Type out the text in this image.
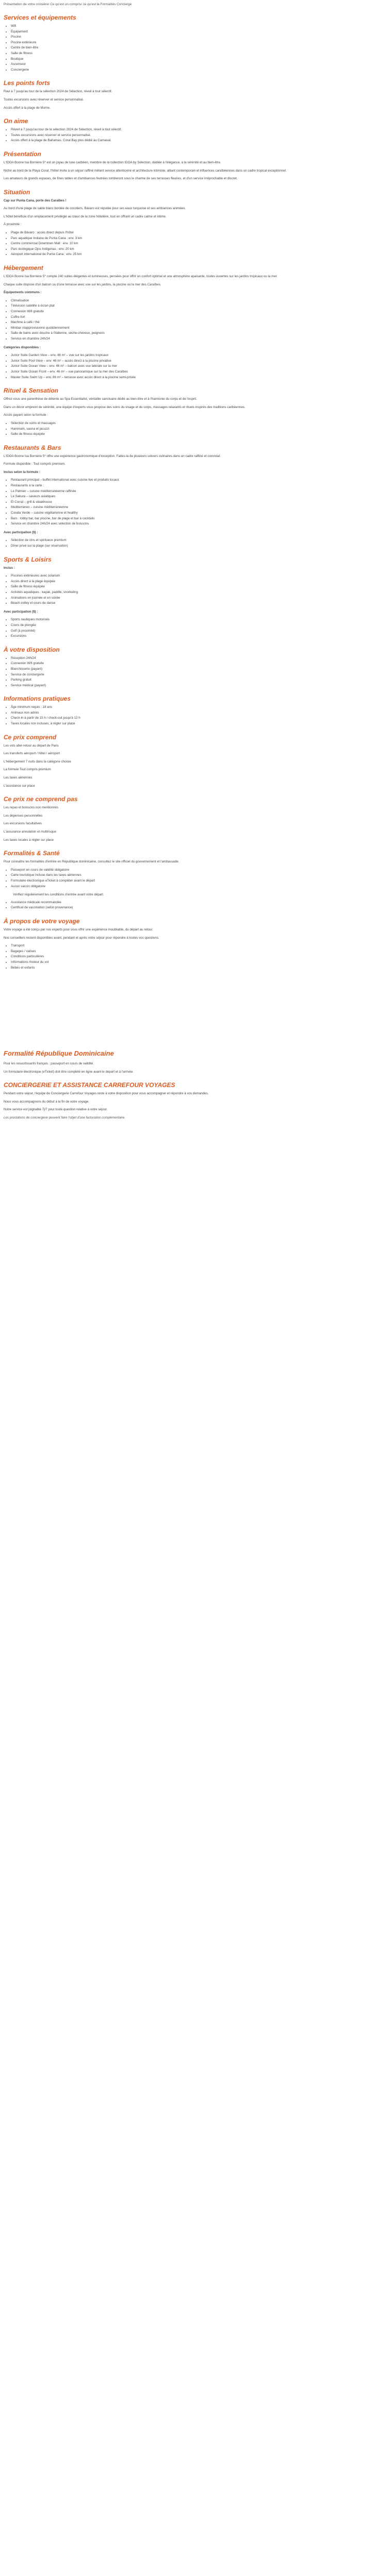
Présentation de votre croisière/ Ce qu'est un compris/ ce qu'est la Formalités Concierge
Services et équipements
• Wifi
• Équipement
• Piscine
• Piscine extérieure
• Centre de bien-être
• Salle de fitness
• Boutique
• Ascenseur
• Conciergerie
Les points forts

Ravi à 7 jusqu'au tour de la sélection 2024 de Sélection, réveil à tout sélectif.

Toutes excursions avec réserver et service personnalisé.

Accès offert à la plage de Morne.

On aime
• Réveil à 7 jusqu'au tour de la sélection 2024 de Sélection, réveil à tout sélectif.
• Toutes excursions avec réserver et service personnalisé.
• Accès offert à la plage de Bahamas. Coral Bay plus dédié au Carnaval.
Présentation

L'IDOA Bonne Isa Bornière 5* est un joyau de luxe caribéen, membre de la collection IDOA by Sélection, dédiée à l'élégance, à la sérénité et au bien-être.

Niché au bord de la Playa Coral, l'hôtel invite à un séjour raffiné mêlant service attentionné et architecture intimiste, alliant contemporain et influences caraïbéennes dans un cadre tropical exceptionnel.

Les amateurs de grands espaces, de fines tables et d'ambiances feutrées tomberont sous le charme de ses terrasses fleuries, et d'un service irréprochable et discret.

Situation

Cap sur Punta Cana, porte des Caraïbes !

Au bord d'une plage de sable blanc bordée de cocotiers, Bávaro est réputée pour ses eaux turquoise et ses ambiances animées.

L'hôtel bénéficie d'un emplacement privilégié au cœur de la zone hôtelière, tout en offrant un cadre calme et intime.

À proximité :

• Plage de Bávaro : accès direct depuis l'hôtel
• Parc aquatique Indiana de Punta Cana : env. 3 km
• Centre commercial Downtown Mall : env. 10 km
• Parc écologique Ojos Indígenas : env. 20 km
• Aéroport international de Punta Cana : env. 25 km
Hébergement

L'IDOA Bonne Isa Bornière 5* compte 240 suites élégantes et lumineuses, pensées pour offrir un confort optimal et une atmosphère apaisante, toutes ouvertes sur les jardins tropicaux ou la mer.

Chaque suite dispose d'un balcon ou d'une terrasse avec vue sur les jardins, la piscine ou la mer des Caraïbes.

Équipements communs :

• Climatisation
• Télévision satellite à écran plat
• Connexion Wifi gratuite
• Coffre-fort
• Machine à café / thé
• Minibar réapprovisionné quotidiennement
• Salle de bains avec douche à l'italienne, sèche-cheveux, peignoirs
• Service en chambre 24h/24

Catégories disponibles :

• Junior Suite Garden View – env. 46 m² – vue sur les jardins tropicaux
• Junior Suite Pool View – env. 46 m² – accès direct à la piscine privative
• Junior Suite Ocean View – env. 46 m² – balcon avec vue latérale sur la mer
• Junior Suite Ocean Front – env. 46 m² – vue panoramique sur la mer des Caraïbes
• Master Suite Swim Up – env. 86 m² – terrasse avec accès direct à la piscine semi-privée
Rituel & Sensation

Offrez-vous une parenthèse de détente au Spa Essentialist, véritable sanctuaire dédié au bien-être et à l'harmonie du corps et de l'esprit.

Dans un décor empreint de sérénité, une équipe d'experts vous propose des soins du visage et du corps, massages relaxants et rituels inspirés des traditions caribéennes.

Accès payant selon la formule :

• Sélection de soins et massages
• Hammam, sauna et jacuzzi
• Salle de fitness équipée
Restaurants & Bars

L'IDOA Bonne Isa Bornière 5* offre une expérience gastronomique d'exception. Faites-la de plusieurs univers culinaires dans un cadre raffiné et convivial.

Formule disponible : Tout compris premium.

Inclus selon la formule :

• Restaurant principal – buffet international avec cuisine live et produits locaux
• Restaurants à la carte :
• Le Palmier – cuisine méditerranéenne raffinée
• Le Sakura – saveurs asiatiques
• El Corral – grill & steakhouse
• Mediterraneo – cuisine méditerranéenne
• Coralia Verde – cuisine végétarienne et healthy
• Bars : lobby bar, bar piscine, bar de plage et bar à cocktails
• Service en chambre 24h/24 avec sélection de boissons

Avec participation ($) :

• Sélection de vins et spiritueux premium
• Dîner privé sur la plage (sur réservation)
Sports & Loisirs

Inclus :

• Piscines extérieures avec solarium
• Accès direct à la plage équipée
• Salle de fitness équipée
• Activités aquatiques : kayak, paddle, snorkeling
• Animations en journée et en soirée
• Beach-volley et cours de danse

Avec participation ($) :

• Sports nautiques motorisés
• Cours de plongée
• Golf (à proximité)
• Excursions
À votre disposition
• Réception 24h/24
• Connexion Wifi gratuite
• Blanchisserie (payant)
• Service de conciergerie
• Parking gratuit
• Service médical (payant)
Informations pratiques
• Âge minimum requis : 18 ans
• Animaux non admis
• Check-in à partir de 15 h / check-out jusqu'à 12 h
• Taxes locales non incluses, à régler sur place
Ce prix comprend

Les vols aller-retour au départ de Paris

Les transferts aéroport / hôtel / aéroport

L'hébergement 7 nuits dans la catégorie choisie

La formule Tout compris premium

Les taxes aériennes

L'assistance sur place

Ce prix ne comprend pas

Les repas et boissons non mentionnés

Les dépenses personnelles

Les excursions facultatives

L'assurance annulation et multirisque

Les taxes locales à régler sur place

Formalités & Santé

Pour connaître les formalités d'entrée en République dominicaine, consultez le site officiel du gouvernement et l'ambassade.

• Passeport en cours de validité obligatoire
• Carte touristique incluse dans les taxes aériennes
• Formulaire électronique eTicket à compléter avant le départ
• Aucun vaccin obligatoire
Vérifiez régulièrement les conditions d'entrée avant votre départ.
• Assistance médicale recommandée
• Certificat de vaccination (selon provenance)
À propos de votre voyage

Votre voyage a été conçu par nos experts pour vous offrir une expérience inoubliable, du départ au retour.

Nos conseillers restent disponibles avant, pendant et après votre séjour pour répondre à toutes vos questions.

• Transport
• Bagages / valises
• Conditions particulières
• Informations moteur du vol
• Bébés et enfants
Formalité République Dominicaine

Pour les ressortissants français : passeport en cours de validité.

Un formulaire électronique (eTicket) doit être complété en ligne avant le départ et à l'arrivée.

CONCIERGERIE ET ASSISTANCE CARREFOUR VOYAGES

Pendant votre séjour, l'équipe de Conciergerie Carrefour Voyages reste à votre disposition pour vous accompagner et répondre à vos demandes.

Nous vous accompagnons du début à la fin de votre voyage.

Notre service est joignable 7j/7 pour toute question relative à votre séjour.

Les prestations de conciergerie peuvent faire l'objet d'une facturation complémentaire.
